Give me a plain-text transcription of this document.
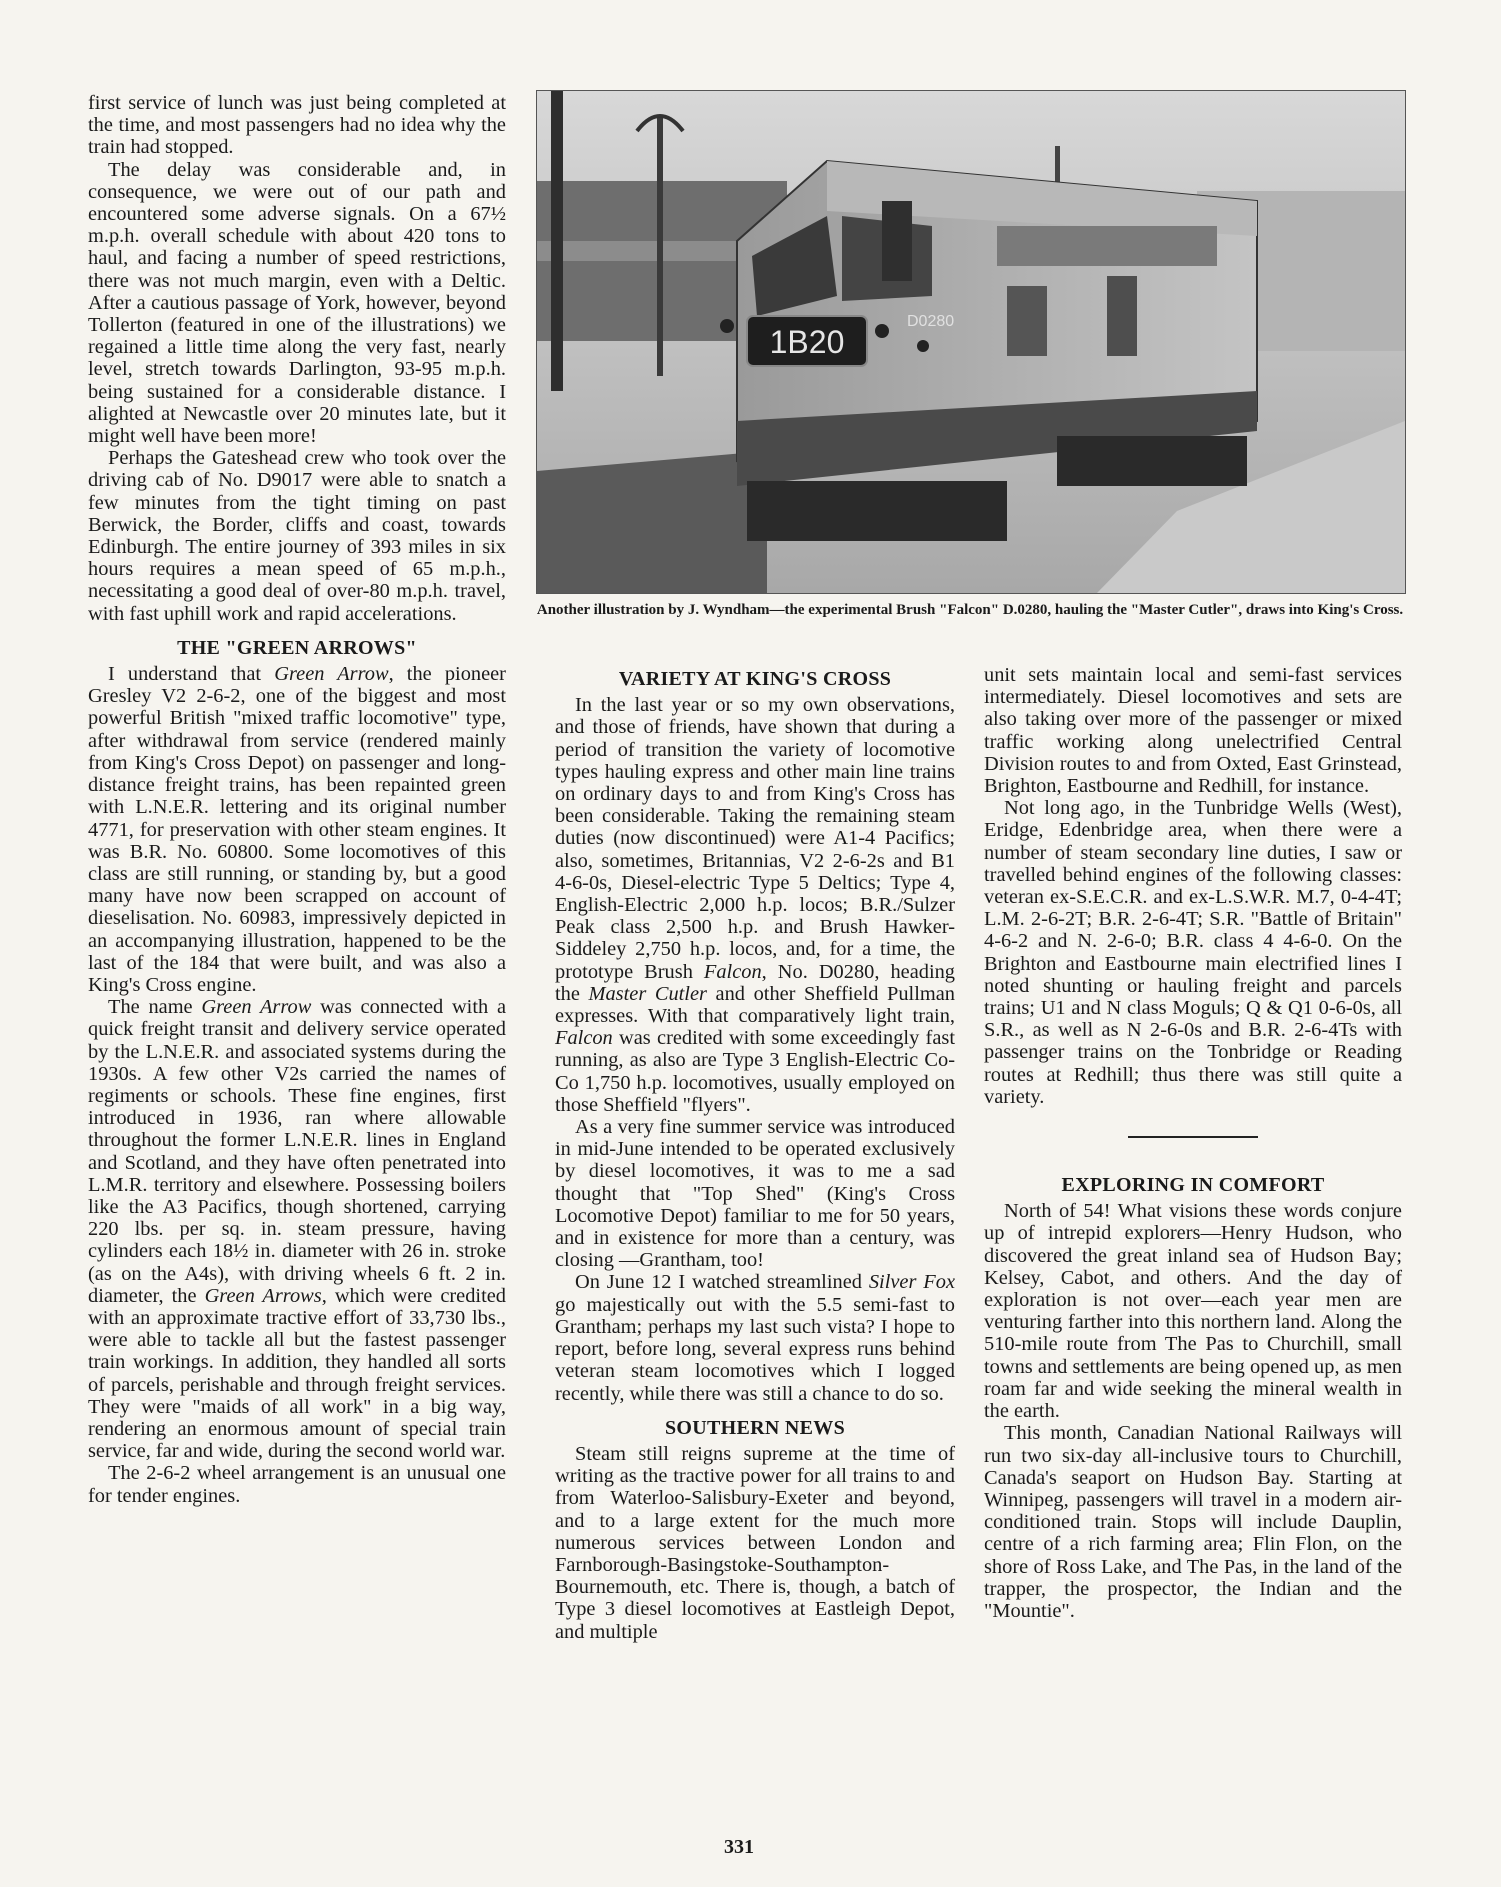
first service of lunch was just being completed at the time, and most passengers had no idea why the train had stopped.

The delay was considerable and, in consequence, we were out of our path and encountered some adverse signals. On a 67½ m.p.h. overall schedule with about 420 tons to haul, and facing a number of speed restrictions, there was not much margin, even with a Deltic. After a cautious passage of York, however, beyond Tollerton (featured in one of the illustrations) we regained a little time along the very fast, nearly level, stretch towards Darlington, 93-95 m.p.h. being sustained for a considerable distance. I alighted at Newcastle over 20 minutes late, but it might well have been more!

Perhaps the Gateshead crew who took over the driving cab of No. D9017 were able to snatch a few minutes from the tight timing on past Berwick, the Border, cliffs and coast, towards Edinburgh. The entire journey of 393 miles in six hours requires a mean speed of 65 m.p.h., necessitating a good deal of over-80 m.p.h. travel, with fast uphill work and rapid accelerations.

THE "GREEN ARROWS"

I understand that Green Arrow, the pioneer Gresley V2 2-6-2, one of the biggest and most powerful British "mixed traffic locomotive" type, after withdrawal from service (rendered mainly from King's Cross Depot) on passenger and long-distance freight trains, has been repainted green with L.N.E.R. lettering and its original number 4771, for preservation with other steam engines. It was B.R. No. 60800. Some locomotives of this class are still running, or standing by, but a good many have now been scrapped on account of dieselisation. No. 60983, impressively depicted in an accompanying illustration, happened to be the last of the 184 that were built, and was also a King's Cross engine.

The name Green Arrow was connected with a quick freight transit and delivery service operated by the L.N.E.R. and associated systems during the 1930s. A few other V2s carried the names of regiments or schools. These fine engines, first introduced in 1936, ran where allowable throughout the former L.N.E.R. lines in England and Scotland, and they have often penetrated into L.M.R. territory and elsewhere. Possessing boilers like the A3 Pacifics, though shortened, carrying 220 lbs. per sq. in. steam pressure, having cylinders each 18½ in. diameter with 26 in. stroke (as on the A4s), with driving wheels 6 ft. 2 in. diameter, the Green Arrows, which were credited with an approximate tractive effort of 33,730 lbs., were able to tackle all but the fastest passenger train workings. In addition, they handled all sorts of parcels, perishable and through freight services. They were "maids of all work" in a big way, rendering an enormous amount of special train service, far and wide, during the second world war.

The 2-6-2 wheel arrangement is an unusual one for tender engines.

1B20
D0280
Another illustration by J. Wyndham—the experimental Brush "Falcon" D.0280, hauling the "Master Cutler", draws into King's Cross.
VARIETY AT KING'S CROSS

In the last year or so my own observations, and those of friends, have shown that during a period of transition the variety of locomotive types hauling express and other main line trains on ordinary days to and from King's Cross has been considerable. Taking the remaining steam duties (now discontinued) were A1-4 Pacifics; also, sometimes, Britannias, V2 2-6-2s and B1 4-6-0s, Diesel-electric Type 5 Deltics; Type 4, English-Electric 2,000 h.p. locos; B.R./Sulzer Peak class 2,500 h.p. and Brush Hawker-Siddeley 2,750 h.p. locos, and, for a time, the prototype Brush Falcon, No. D0280, heading the Master Cutler and other Sheffield Pullman expresses. With that comparatively light train, Falcon was credited with some exceedingly fast running, as also are Type 3 English-Electric Co-Co 1,750 h.p. locomotives, usually employed on those Sheffield "flyers".

As a very fine summer service was introduced in mid-June intended to be operated exclusively by diesel locomotives, it was to me a sad thought that "Top Shed" (King's Cross Locomotive Depot) familiar to me for 50 years, and in existence for more than a century, was closing —Grantham, too!

On June 12 I watched streamlined Silver Fox go majestically out with the 5.5 semi-fast to Grantham; perhaps my last such vista? I hope to report, before long, several express runs behind veteran steam locomotives which I logged recently, while there was still a chance to do so.

SOUTHERN NEWS

Steam still reigns supreme at the time of writing as the tractive power for all trains to and from Waterloo-Salisbury-Exeter and beyond, and to a large extent for the much more numerous services between London and Farnborough-Basingstoke-Southampton-Bournemouth, etc. There is, though, a batch of Type 3 diesel locomotives at Eastleigh Depot, and multiple

unit sets maintain local and semi-fast services intermediately. Diesel locomotives and sets are also taking over more of the passenger or mixed traffic working along unelectrified Central Division routes to and from Oxted, East Grinstead, Brighton, Eastbourne and Redhill, for instance.

Not long ago, in the Tunbridge Wells (West), Eridge, Edenbridge area, when there were a number of steam secondary line duties, I saw or travelled behind engines of the following classes: veteran ex-S.E.C.R. and ex-L.S.W.R. M.7, 0-4-4T; L.M. 2-6-2T; B.R. 2-6-4T; S.R. "Battle of Britain" 4-6-2 and N. 2-6-0; B.R. class 4 4-6-0. On the Brighton and Eastbourne main electrified lines I noted shunting or hauling freight and parcels trains; U1 and N class Moguls; Q & Q1 0-6-0s, all S.R., as well as N 2-6-0s and B.R. 2-6-4Ts with passenger trains on the Tonbridge or Reading routes at Redhill; thus there was still quite a variety.

EXPLORING IN COMFORT

North of 54! What visions these words conjure up of intrepid explorers—Henry Hudson, who discovered the great inland sea of Hudson Bay; Kelsey, Cabot, and others. And the day of exploration is not over—each year men are venturing farther into this northern land. Along the 510-mile route from The Pas to Churchill, small towns and settlements are being opened up, as men roam far and wide seeking the mineral wealth in the earth.

This month, Canadian National Railways will run two six-day all-inclusive tours to Churchill, Canada's seaport on Hudson Bay. Starting at Winnipeg, passengers will travel in a modern air-conditioned train. Stops will include Dauplin, centre of a rich farming area; Flin Flon, on the shore of Ross Lake, and The Pas, in the land of the trapper, the prospector, the Indian and the "Mountie".

331
